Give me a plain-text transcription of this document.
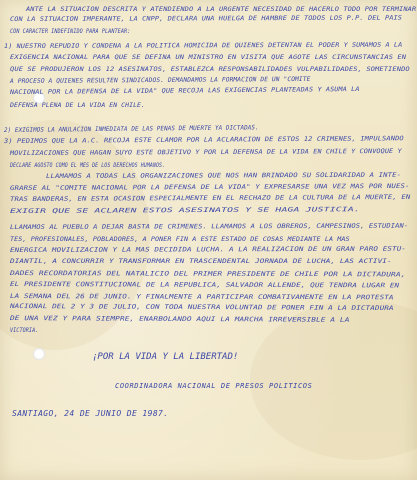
ANTE LA SITUACION DESCRITA Y ATENDIENDO A LA URGENTE NECESIDAD DE HACERLO TODO POR TERMINAR
CON LA SITUACION IMPERANTE, LA CNPP, DECLARA UNA HUELGA DE HAMBRE DE TODOS LOS P.P. DEL PAIS
CON CARACTER INDEFINIDO PARA PLANTEAR:
1) NUESTRO REPUDIO Y CONDENA A LA POLITICA HOMICIDA DE QUIENES DETENTAN EL PODER Y SUMAMOS A LA
EXIGENCIA NACIONAL PARA QUE SE DEFINA UN MINISTRO EN VISITA QUE AGOTE LAS CIRCUNSTANCIAS EN
QUE SE PRODUJERON LOS 12 ASESINATOS, ESTABLEZCA RESPONSABILIDADES VULPABILIDADES, SOMETIENDO
A PROCESO A QUIENES RESULTEN SINDICADOS. DEMANDAMOS LA FORMACION DE UN "COMITE
NACIONAL POR LA DEFENSA DE LA VIDA" QUE RECOJA LAS EXIGENCIAS PLANTEADAS Y ASUMA LA
DEFENSA PLENA DE LA VIDA EN CHILE.
2) EXIGIMOS LA ANULACION INMEDIATA DE LAS PENAS DE MUERTE YA DICTADAS.
3) PEDIMOS QUE LA A.C. RECOJA ESTE CLAMOR POR LA ACLARACION DE ESTOS 12 CRIMENES, IMPULSANDO
MOVILIZACIONES QUE HAGAN SUYO ESTE OBJETIVO Y POR LA DEFENSA DE LA VIDA EN CHILE Y CONVOQUE Y
DECLARE AGOSTO COMO EL MES DE LOS DERECHOS HUMANOS.
LLAMAMOS A TODAS LAS ORGANIZACIONES QUE NOS HAN BRINDADO SU SOLIDARIDAD A INTE-
GRARSE AL "COMITE NACIONAL POR LA DEFENSA DE LA VIDA" Y EXPRESARSE UNA VEZ MAS POR NUES-
TRAS BANDERAS, EN ESTA OCASION ESPECIALMENTE EN EL RECHAZO DE LA CULTURA DE LA MUERTE, EN
EXIGIR QUE SE ACLAREN ESTOS ASESINATOS Y SE HAGA JUSTICIA.
LLAMAMOS AL PUEBLO A DEJAR BASTA DE CRIMENES. LLAMAMOS A LOS OBREROS, CAMPESINOS, ESTUDIAN-
TES, PROFESIONALES, POBLADORES, A PONER FIN A ESTE ESTADO DE COSAS MEDIANTE LA MAS
ENERGICA MOVILIZACION Y LA MAS DECIDIDA LUCHA. A LA REALIZACION DE UN GRAN PARO ESTU-
DIANTIL, A CONCURRIR Y TRANSFORMAR EN TRASCENDENTAL JORNADA DE LUCHA, LAS ACTIVI-
DADES RECORDATORIAS DEL NATALICIO DEL PRIMER PRESIDENTE DE CHILE POR LA DICTADURA,
EL PRESIDENTE CONSTITUCIONAL DE LA REPUBLICA, SALVADOR ALLENDE, QUE TENDRA LUGAR EN
LA SEMANA DEL 26 DE JUNIO. Y FINALMENTE A PARTICIPAR COMBATIVAMENTE EN LA PROTESTA
NACIONAL DEL 2 Y 3 DE JULIO, CON TODA NUESTRA VOLUNTAD DE PONER FIN A LA DICTADURA
DE UNA VEZ Y PARA SIEMPRE, ENARBOLANDO AQUI LA MARCHA IRREVERSIBLE A LA
VICTORIA.
¡POR LA VIDA Y LA LIBERTAD!
COORDINADORA NACIONAL DE PRESOS POLITICOS
SANTIAGO, 24 DE JUNIO DE 1987.
